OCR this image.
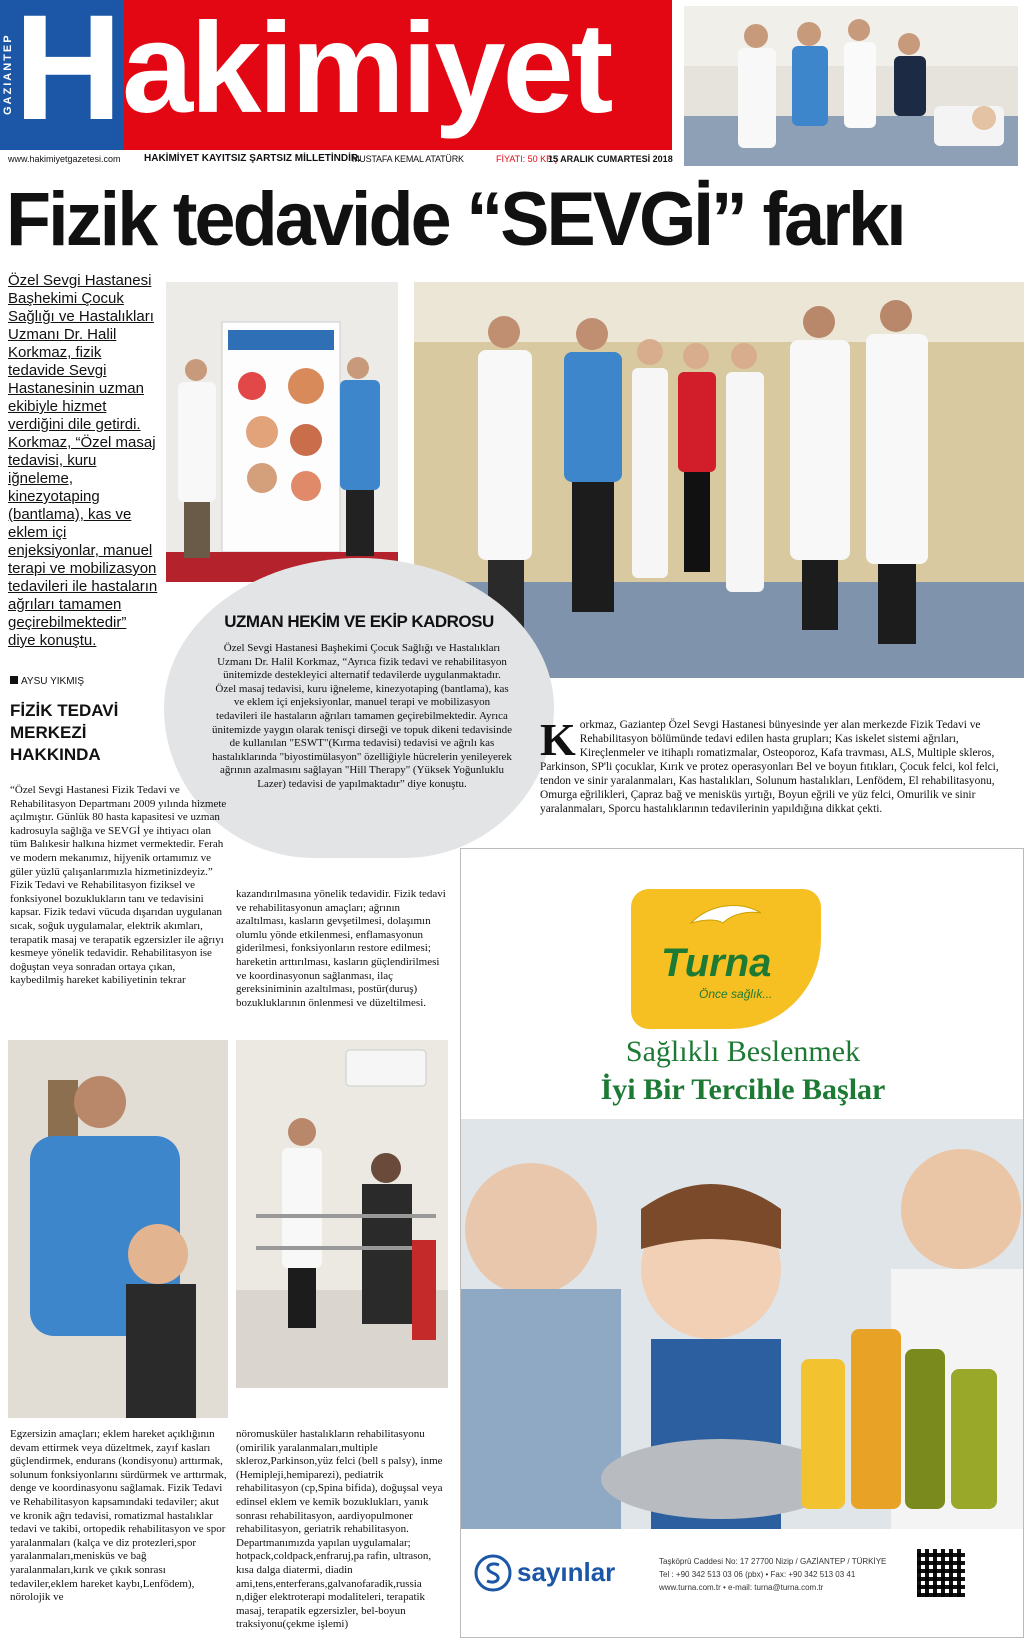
H
GAZIANTEP akimiyet
www.hakimiyetgazetesi.com HAKİMİYET KAYITSIZ ŞARTSIZ MİLLETİNDİR.
MUSTAFA KEMAL ATATÜRK	FİYATI: 50 KRŞ
15 ARALIK CUMARTESİ 2018
Fizik tedavide “SEVGİ” farkı
Özel Sevgi Hastanesi Başhekimi Çocuk Sağlığı ve Hastalıkları Uzmanı Dr. Halil Korkmaz, fizik tedavide Sevgi Hastanesinin uzman ekibiyle hizmet verdiğini dile getirdi. Korkmaz, “Özel masaj tedavisi, kuru iğneleme, kinezyotaping (bantlama), kas ve eklem içi enjeksiyonlar, manuel terapi ve mobilizasyon tedavileri ile hastaların ağrıları tamamen geçirebilmektedir” diye konuştu.
UZMAN HEKİM VE EKİP KADROSU
Özel Sevgi Hastanesi Başhekimi Çocuk Sağlığı ve Hastalıkları Uzmanı Dr. Halil Korkmaz, “Ayrıca fizik tedavi ve rehabilitasyon ünitemizde destekleyici alternatif tedavilerde uygulanmaktadır. Özel masaj tedavisi, kuru iğneleme, kinezyotaping (bantlama), kas ve eklem içi enjeksiyonlar, manuel terapi ve mobilizasyon tedavileri ile hastaların ağrıları tamamen geçirebilmektedir. Ayrıca ünitemizde yaygın olarak tenisçi dirseği ve topuk dikeni tedavisinde de kullanılan "ESWT"(Kırma tedavisi) tedavisi ve ağrılı kas hastalıklarında "biyostimülasyon" özelliğiyle hücrelerin yenileyerek ağrının azalmasını sağlayan "Hill Therapy" (Yüksek Yoğunluklu Lazer) tedavisi de yapılmaktadır” diye konuştu.
AYSU YIKMIŞ
FİZİK TEDAVİ MERKEZİ HAKKINDA
“Özel Sevgi Hastanesi Fizik Tedavi ve Rehabilitasyon Departmanı 2009 yılında hizmete açılmıştır. Günlük 80 hasta kapasitesi ve uzman kadrosuyla sağlığa ve SEVGİ ye ihtiyacı olan tüm Balıkesir halkına hizmet vermektedir. Ferah ve modern mekanımız, hijyenik ortamımız ve güler yüzlü çalışanlarımızla hizmetinizdeyiz.” Fizik Tedavi ve Rehabilitasyon fiziksel ve fonksiyonel bozuklukların tanı ve tedavisini kapsar. Fizik tedavi vücuda dışarıdan uygulanan sıcak, soğuk uygulamalar, elektrik akımları, terapatik masaj ve terapatik egzersizler ile ağrıyı kesmeye yönelik tedavidir. Rehabilitasyon ise doğuştan veya sonradan ortaya çıkan, kaybedilmiş hareket kabiliyetinin tekrar
kazandırılmasına yönelik tedavidir. Fizik tedavi ve rehabilitasyonun amaçları; ağrının azaltılması, kasların gevşetilmesi, dolaşımın olumlu yönde etkilenmesi, enflamasyonun giderilmesi, fonksiyonların restore edilmesi; hareketin arttırılması, kasların güçlendirilmesi ve koordinasyonun sağlanması, ilaç gereksiniminin azaltılması, postür(duruş) bozukluklarının önlenmesi ve düzeltilmesi.

Korkmaz, Gaziantep Özel Sevgi Hastanesi bünyesinde yer alan merkezde Fizik Tedavi ve Rehabilitasyon bölümünde tedavi edilen hasta grupları; Kas iskelet sistemi ağrıları, Kireçlenmeler ve itihaplı romatizmalar, Osteoporoz, Kafa travması, ALS, Multiple skleros, Parkinson, SP'li çocuklar, Kırık ve protez operasyonları Bel ve boyun fıtıkları, Çocuk felci, kol felci, tendon ve sinir yaralanmaları, Kas hastalıkları, Solunum hastalıkları, Lenfödem, El rehabilitasyonu, Omurga eğrilikleri, Çapraz bağ ve menisküs yırtığı, Boyun eğrili ve yüz felci, Omurilik ve sinir yaralanmaları, Sporcu hastalıklarının tedavilerinin yapıldığına dikkat çekti.

Egzersizin amaçları; eklem hareket açıklığının devam ettirmek veya düzeltmek, zayıf kasları güçlendirmek, endurans (kondisyonu) arttırmak, solunum fonksiyonlarını sürdürmek ve arttırmak, denge ve koordinasyonu sağlamak. Fizik Tedavi ve Rehabilitasyon kapsamındaki tedaviler; akut ve kronik ağrı tedavisi, romatizmal hastalıklar tedavi ve takibi, ortopedik rehabilitasyon ve spor yaralanmaları (kalça ve diz protezleri,spor yaralanmaları,menisküs ve bağ yaralanmaları,kırık ve çıkık sonrası tedaviler,eklem hareket kaybı,Lenfödem), nörolojik ve
nöromusküler hastalıkların rehabilitasyonu (omirilik yaralanmaları,multiple skleroz,Parkinson,yüz felci (bell s palsy), inme (Hemipleji,hemiparezi), pediatrik rehabilitasyon (cp,Spina bifida), doğuşsal veya edinsel eklem ve kemik bozuklukları, yanık sonrası rehabilitasyon, aardiyopulmoner rehabilitasyon, geriatrik rehabilitasyon. Departmanımızda yapılan uygulamalar; hotpack,coldpack,enfraruj,pa rafin, ultrason, kısa dalga diatermi, diadin ami,tens,enterferans,galvanofaradik,russia n,diğer elektroterapi modaliteleri, terapatik masaj, terapatik egzersizler, bel-boyun traksiyonu(çekme işlemi)
Turna
Önce sağlık...
Sağlıklı Beslenmek
İyi Bir Tercihle Başlar
sayınlar	Taşköprü Caddesi No: 17 27700 Nizip / GAZİANTEP / TÜRKİYE
Tel : +90 342 513 03 06 (pbx) • Fax: +90 342 513 03 41
www.turna.com.tr • e-mail: turna@turna.com.tr
